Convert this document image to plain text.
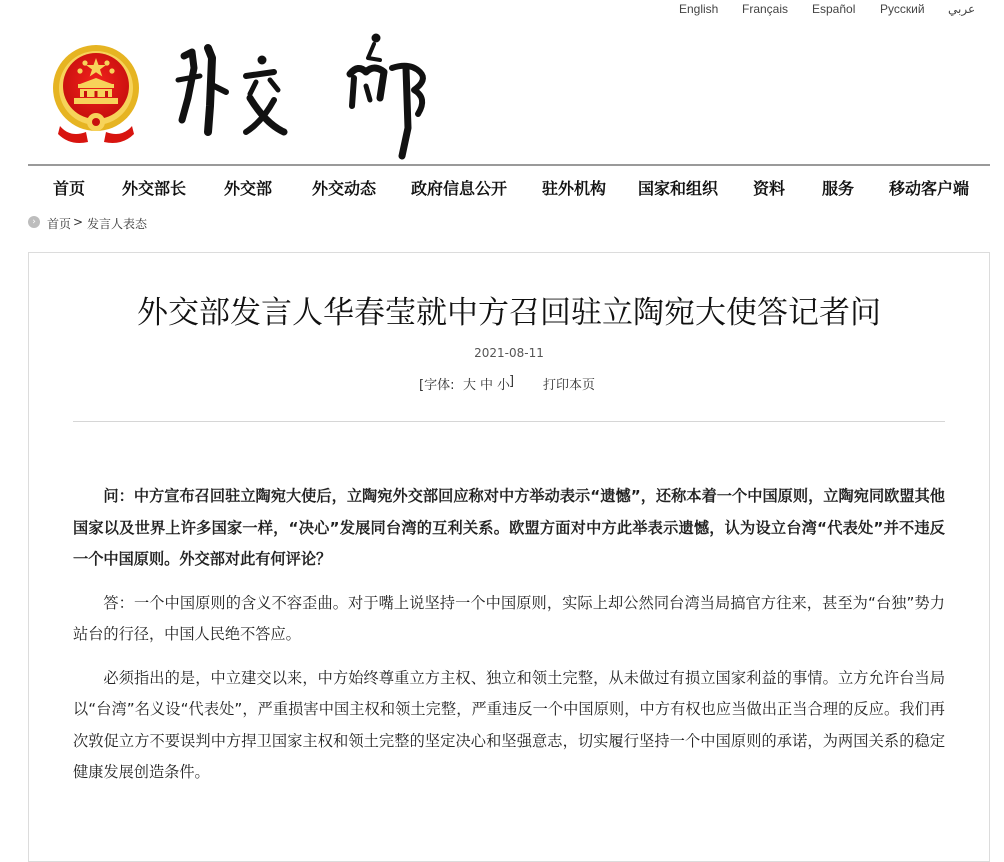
English Français Español Русский عربي
首页 外交部长 外交部 外交动态 政府信息公开 驻外机构 国家和组织 资料 服务 移动客户端
› 首页 > 发言人表态
外交部发言人华春莹就中方召回驻立陶宛大使答记者问
2021-08-11
[字体: 大 中 小
] 打印本页

问：中方宣布召回驻立陶宛大使后，立陶宛外交部回应称对中方举动表示“遗憾”，还称本着一个中国原则，立陶宛同欧盟其他国家以及世界上许多国家一样，“决心”发展同台湾的互利关系。欧盟方面对中方此举表示遗憾，认为设立台湾“代表处”并不违反一个中国原则。外交部对此有何评论？

答：一个中国原则的含义不容歪曲。对于嘴上说坚持一个中国原则，实际上却公然同台湾当局搞官方往来，甚至为“台独”势力站台的行径，中国人民绝不答应。

必须指出的是，中立建交以来，中方始终尊重立方主权、独立和领土完整，从未做过有损立国家利益的事情。立方允许台当局以“台湾”名义设“代表处”，严重损害中国主权和领土完整，严重违反一个中国原则，中方有权也应当做出正当合理的反应。我们再次敦促立方不要误判中方捍卫国家主权和领土完整的坚定决心和坚强意志，切实履行坚持一个中国原则的承诺，为两国关系的稳定健康发展创造条件。
